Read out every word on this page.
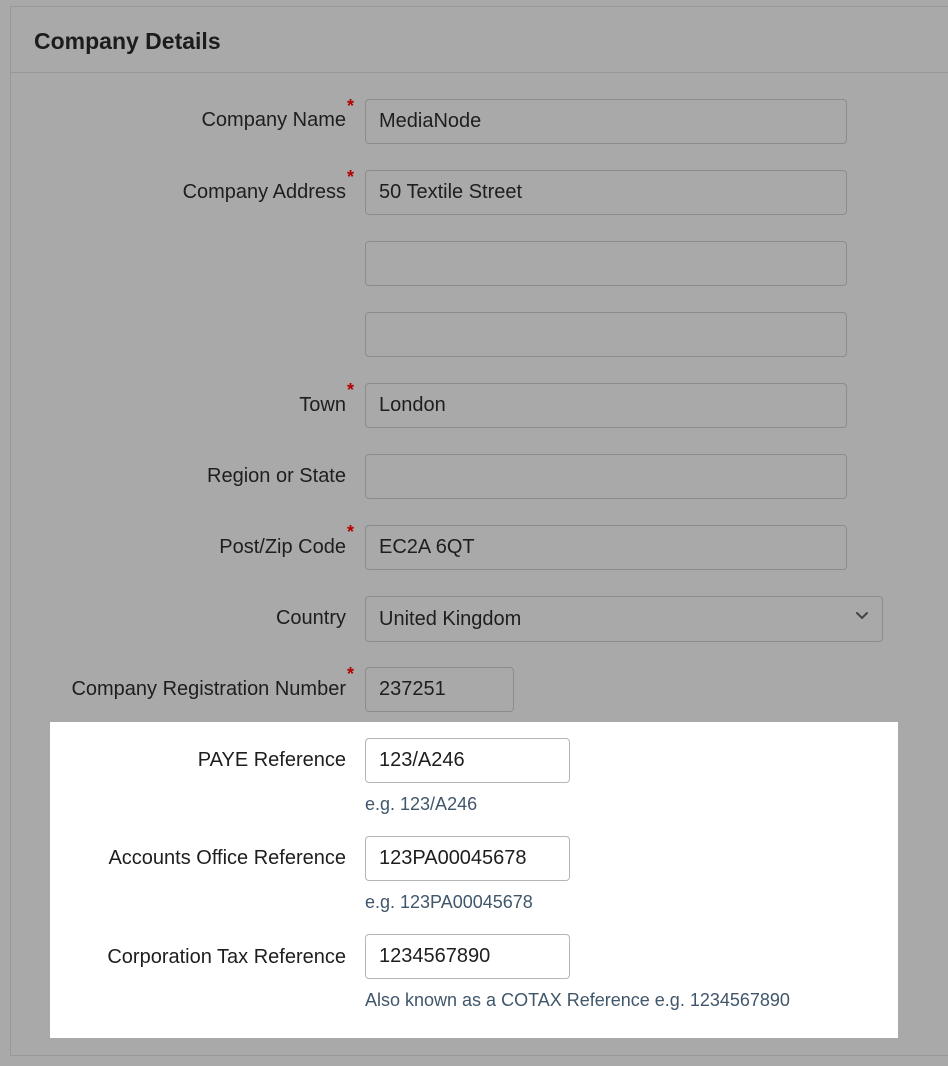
Company Details
Company Name
*
MediaNode
Company Address
*
50 Textile Street
Town
*
London
Region or State
Post/Zip Code
*
EC2A 6QT
Country	United Kingdom
Company Registration Number
*
237251
PAYE Reference
123/A246
e.g. 123/A246
Accounts Office Reference
123PA00045678
e.g. 123PA00045678
Corporation Tax Reference
1234567890
Also known as a COTAX Reference e.g. 1234567890
